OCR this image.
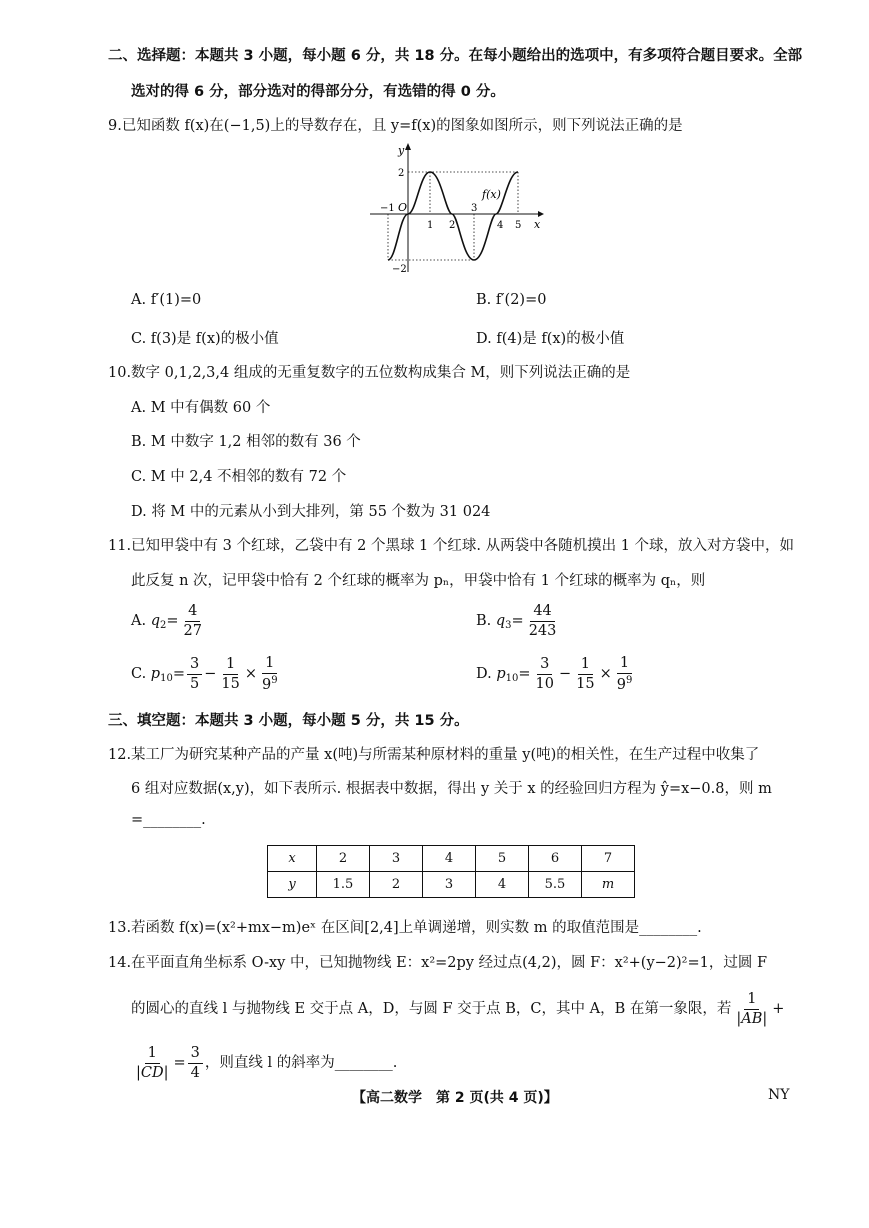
二、选择题：本题共 3 小题，每小题 6 分，共 18 分。在每小题给出的选项中，有多项符合题目要求。全部
选对的得 6 分，部分选对的得部分分，有选错的得 0 分。
9.已知函数 f(x)在(−1,5)上的导数存在，且 y=f(x)的图象如图所示，则下列说法正确的是
y
x
f(x)
O
−1
1 2
3
4 5
2
−2
A. f′(1)=0	B. f′(2)=0
C. f(3)是 f(x)的极小值	D. f(4)是 f(x)的极小值
10.数字 0,1,2,3,4 组成的无重复数字的五位数构成集合 M，则下列说法正确的是
A. M 中有偶数 60 个
B. M 中数字 1,2 相邻的数有 36 个
C. M 中 2,4 不相邻的数有 72 个
D. 将 M 中的元素从小到大排列，第 55 个数为 31 024
11.已知甲袋中有 3 个红球，乙袋中有 2 个黑球 1 个红球. 从两袋中各随机摸出 1 个球，放入对方袋中，如
此反复 n 次，记甲袋中恰有 2 个红球的概率为 pₙ，甲袋中恰有 1 个红球的概率为 qₙ，则
A. $q_2= \frac{4}{27}$	B. $q_3= \frac{44}{243}$
C. $p_{10}= \frac{3}{5} - \frac{1}{15} \times \frac{1}{9^9}$	D. $p_{10}= \frac{3}{10} - \frac{1}{15} \times \frac{1}{9^9}$
三、填空题：本题共 3 小题，每小题 5 分，共 15 分。
12.某工厂为研究某种产品的产量 x(吨)与所需某种原材料的重量 y(吨)的相关性，在生产过程中收集了
6 组对应数据(x,y)，如下表所示. 根据表中数据，得出 y 关于 x 的经验回归方程为 ŷ=x−0.8，则 m
=________.
x	2	3	4	5	6	7
y	1.5	2	3	4	5.5	m
13.若函数 f(x)=(x²+mx−m)eˣ 在区间[2,4]上单调递增，则实数 m 的取值范围是________.
14.在平面直角坐标系 O-xy 中，已知抛物线 E：x²=2py 经过点(4,2)，圆 F：x²+(y−2)²=1，过圆 F
的圆心的直线 l 与抛物线 E 交于点 A，D，与圆 F 交于点 B，C，其中 A，B 在第一象限，若 $\frac{1}{|AB|}$ +
$\frac{1}{|CD|} = \frac{3}{4}$ ，则直线 l 的斜率为________.
【高二数学　第 2 页(共 4 页)】	NY
